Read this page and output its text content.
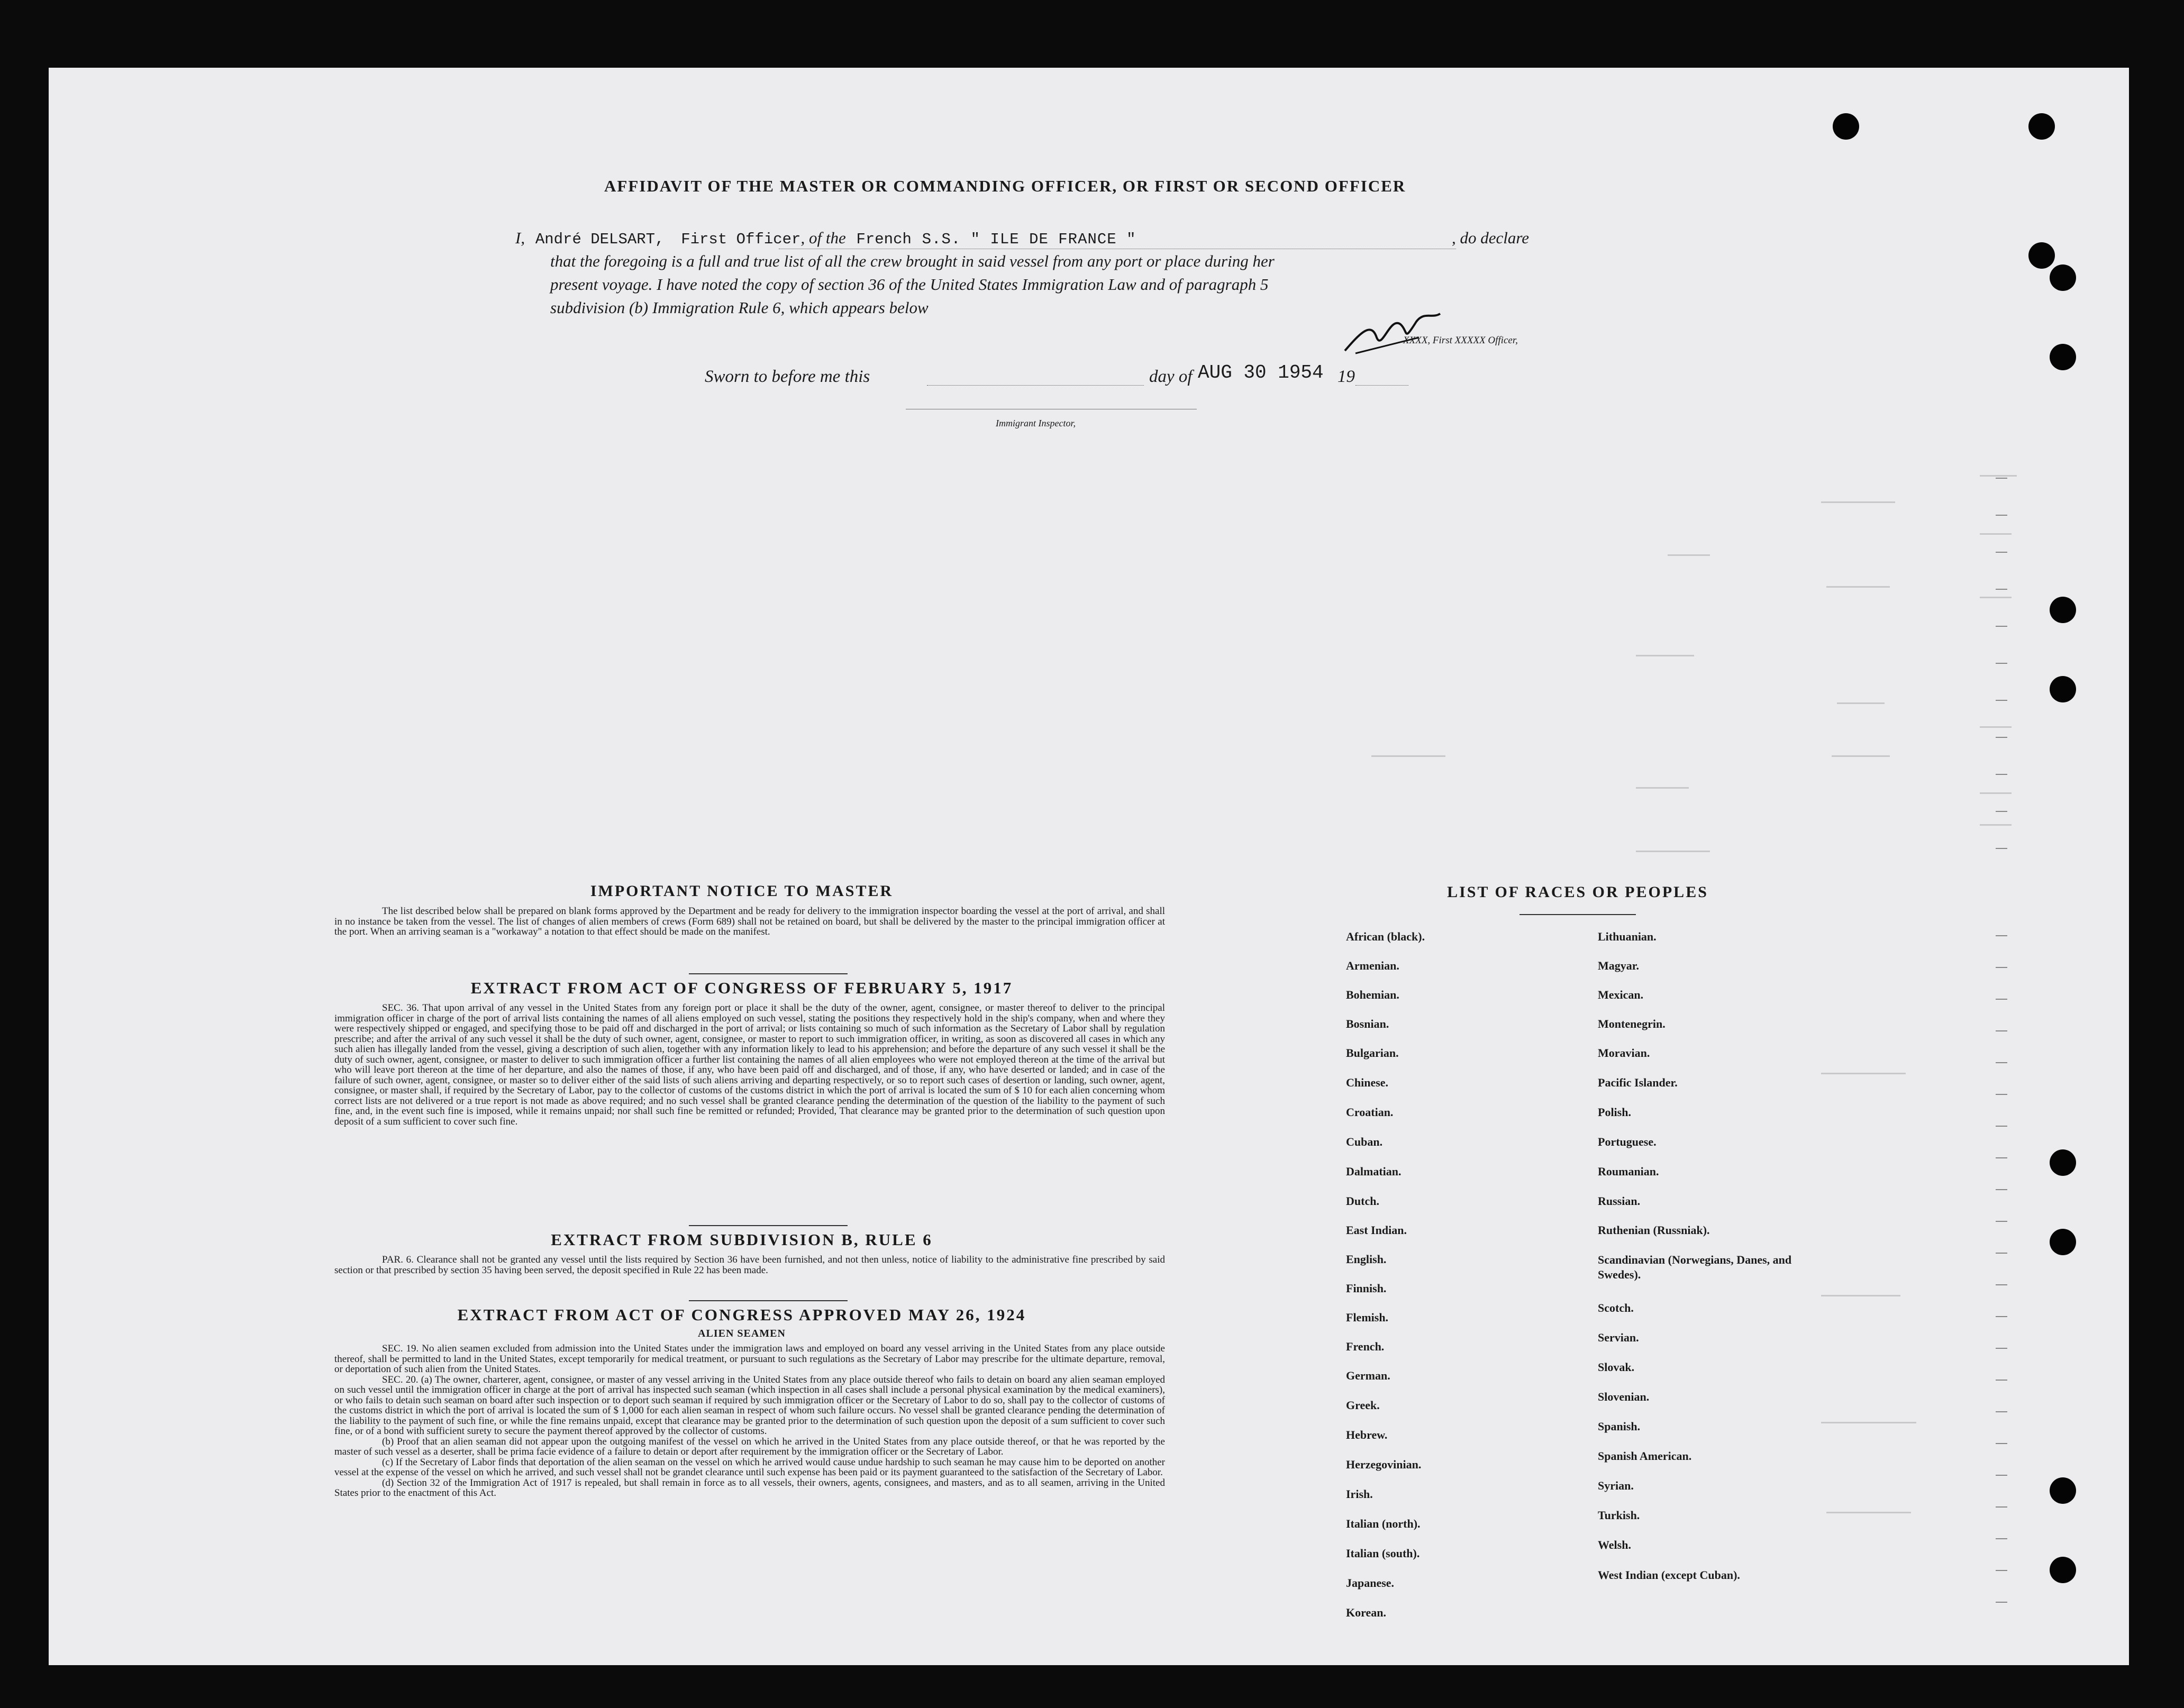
AFFIDAVIT OF THE MASTER OR COMMANDING OFFICER, OR FIRST OR SECOND OFFICER
I, André DELSART, First Officer, of the French S.S. " ILE DE FRANCE "	, do declare
that the foregoing is a full and true list of all the crew brought in said vessel from any port or place during her
present voyage. I have noted the copy of section 36 of the United States Immigration Law and of paragraph 5
subdivision (b) Immigration Rule 6, which appears below
XXXX, First XXXXX Officer,
Sworn to before me this	day of AUG 30 1954 19
Immigrant Inspector,
IMPORTANT NOTICE TO MASTER
The list described below shall be prepared on blank forms approved by the Department and be ready for delivery to the immigration inspector boarding the vessel at the port of arrival, and shall in no instance be taken from the vessel. The list of changes of alien members of crews (Form 689) shall not be retained on board, but shall be delivered by the master to the principal immigration officer at the port. When an arriving seaman is a "workaway" a notation to that effect should be made on the manifest.
EXTRACT FROM ACT OF CONGRESS OF FEBRUARY 5, 1917
SEC. 36. That upon arrival of any vessel in the United States from any foreign port or place it shall be the duty of the owner, agent, consignee, or master thereof to deliver to the principal immigration officer in charge of the port of arrival lists containing the names of all aliens employed on such vessel, stating the positions they respectively hold in the ship's company, when and where they were respectively shipped or engaged, and specifying those to be paid off and discharged in the port of arrival; or lists containing so much of such information as the Secretary of Labor shall by regulation prescribe; and after the arrival of any such vessel it shall be the duty of such owner, agent, consignee, or master to report to such immigration officer, in writing, as soon as discovered all cases in which any such alien has illegally landed from the vessel, giving a description of such alien, together with any information likely to lead to his apprehension; and before the departure of any such vessel it shall be the duty of such owner, agent, consignee, or master to deliver to such immigration officer a further list containing the names of all alien employees who were not employed thereon at the time of the arrival but who will leave port thereon at the time of her departure, and also the names of those, if any, who have been paid off and discharged, and of those, if any, who have deserted or landed; and in case of the failure of such owner, agent, consignee, or master so to deliver either of the said lists of such aliens arriving and departing respectively, or so to report such cases of desertion or landing, such owner, agent, consignee, or master shall, if required by the Secretary of Labor, pay to the collector of customs of the customs district in which the port of arrival is located the sum of $ 10 for each alien concerning whom correct lists are not delivered or a true report is not made as above required; and no such vessel shall be granted clearance pending the determination of the question of the liability to the payment of such fine, and, in the event such fine is imposed, while it remains unpaid; nor shall such fine be remitted or refunded; Provided, That clearance may be granted prior to the determination of such question upon deposit of a sum sufficient to cover such fine.
EXTRACT FROM SUBDIVISION B, RULE 6
PAR. 6. Clearance shall not be granted any vessel until the lists required by Section 36 have been furnished, and not then unless, notice of liability to the administrative fine prescribed by said section or that prescribed by section 35 having been served, the deposit specified in Rule 22 has been made.
EXTRACT FROM ACT OF CONGRESS APPROVED MAY 26, 1924
ALIEN SEAMEN
SEC. 19. No alien seamen excluded from admission into the United States under the immigration laws and employed on board any vessel arriving in the United States from any place outside thereof, shall be permitted to land in the United States, except temporarily for medical treatment, or pursuant to such regulations as the Secretary of Labor may prescribe for the ultimate departure, removal, or deportation of such alien from the United States.
SEC. 20. (a) The owner, charterer, agent, consignee, or master of any vessel arriving in the United States from any place outside thereof who fails to detain on board any alien seaman employed on such vessel until the immigration officer in charge at the port of arrival has inspected such seaman (which inspection in all cases shall include a personal physical examination by the medical examiners), or who fails to detain such seaman on board after such inspection or to deport such seaman if required by such immigration officer or the Secretary of Labor to do so, shall pay to the collector of customs of the customs district in which the port of arrival is located the sum of $ 1,000 for each alien seaman in respect of whom such failure occurs. No vessel shall be granted clearance pending the determination of the liability to the payment of such fine, or while the fine remains unpaid, except that clearance may be granted prior to the determination of such question upon the deposit of a sum sufficient to cover such fine, or of a bond with sufficient surety to secure the payment thereof approved by the collector of customs.
(b) Proof that an alien seaman did not appear upon the outgoing manifest of the vessel on which he arrived in the United States from any place outside thereof, or that he was reported by the master of such vessel as a deserter, shall be prima facie evidence of a failure to detain or deport after requirement by the immigration officer or the Secretary of Labor.
(c) If the Secretary of Labor finds that deportation of the alien seaman on the vessel on which he arrived would cause undue hardship to such seaman he may cause him to be deported on another vessel at the expense of the vessel on which he arrived, and such vessel shall not be grandet clearance until such expense has been paid or its payment guaranteed to the satisfaction of the Secretary of Labor.
(d) Section 32 of the Immigration Act of 1917 is repealed, but shall remain in force as to all vessels, their owners, agents, consignees, and masters, and as to all seamen, arriving in the United States prior to the enactment of this Act.
LIST OF RACES OR PEOPLES
African (black).
Armenian.
Bohemian.
Bosnian.
Bulgarian.
Chinese.
Croatian.
Cuban.
Dalmatian.
Dutch.
East Indian.
English.
Finnish.
Flemish.
French.
German.
Greek.
Hebrew.
Herzegovinian.
Irish.
Italian (north).
Italian (south).
Japanese.
Korean.
Lithuanian.
Magyar.
Mexican.
Montenegrin.
Moravian.
Pacific Islander.
Polish.
Portuguese.
Roumanian.
Russian.
Ruthenian (Russniak).
Scandinavian (Norwegians, Danes, and Swedes).
Scotch.
Servian.
Slovak.
Slovenian.
Spanish.
Spanish American.
Syrian.
Turkish.
Welsh.
West Indian (except Cuban).
